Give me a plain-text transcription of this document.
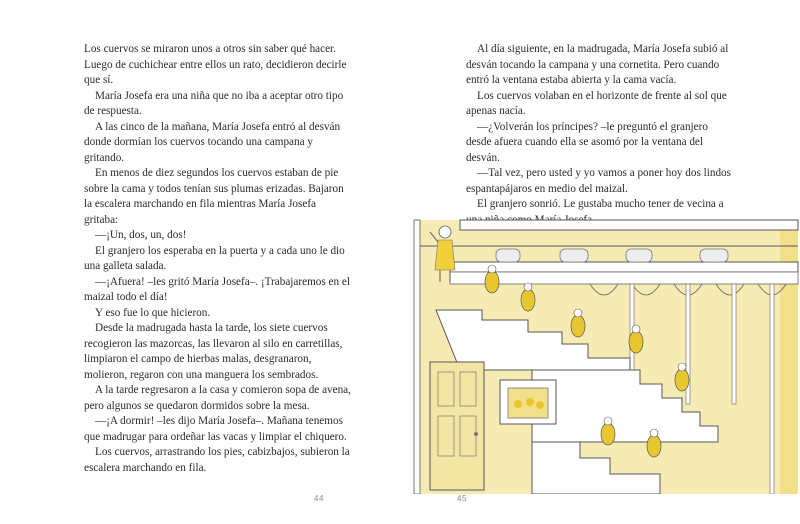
Los cuervos se miraron unos a otros sin saber qué hacer. Luego de cuchichear entre ellos un rato, decidieron decirle que sí.

María Josefa era una niña que no iba a aceptar otro tipo de respuesta.

A las cinco de la mañana, María Josefa entró al desván donde dormían los cuervos tocando una campana y gritando.

En menos de diez segundos los cuervos estaban de pie sobre la cama y todos tenían sus plumas erizadas. Bajaron la escalera marchando en fila mientras María Josefa gritaba:

—¡Un, dos, un, dos!

El granjero los esperaba en la puerta y a cada uno le dio una galleta salada.

—¡Afuera! –les gritó María Josefa–. ¡Trabajaremos en el maizal todo el día!

Y eso fue lo que hicieron.

Desde la madrugada hasta la tarde, los siete cuervos recogieron las mazorcas, las llevaron al silo en carretillas, limpiaron el campo de hierbas malas, desgranaron, molieron, regaron con una manguera los sembrados.

A la tarde regresaron a la casa y comieron sopa de avena, pero algunos se quedaron dormidos sobre la mesa.

—¡A dormir! –les dijo María Josefa–. Mañana tenemos que madrugar para ordeñar las vacas y limpiar el chiquero.

Los cuervos, arrastrando los pies, cabizbajos, subieron la escalera marchando en fila.

44	45

Al día siguiente, en la madrugada, María Josefa subió al desván tocando la campana y una cornetita. Pero cuando entró la ventana estaba abierta y la cama vacía.

Los cuervos volaban en el horizonte de frente al sol que apenas nacía.

—¿Volverán los príncipes? –le preguntó el granjero desde afuera cuando ella se asomó por la ventana del desván.

—Tal vez, pero usted y yo vamos a poner hoy dos lindos espantapájaros en medio del maizal.

El granjero sonrió. Le gustaba mucho tener de vecina a
